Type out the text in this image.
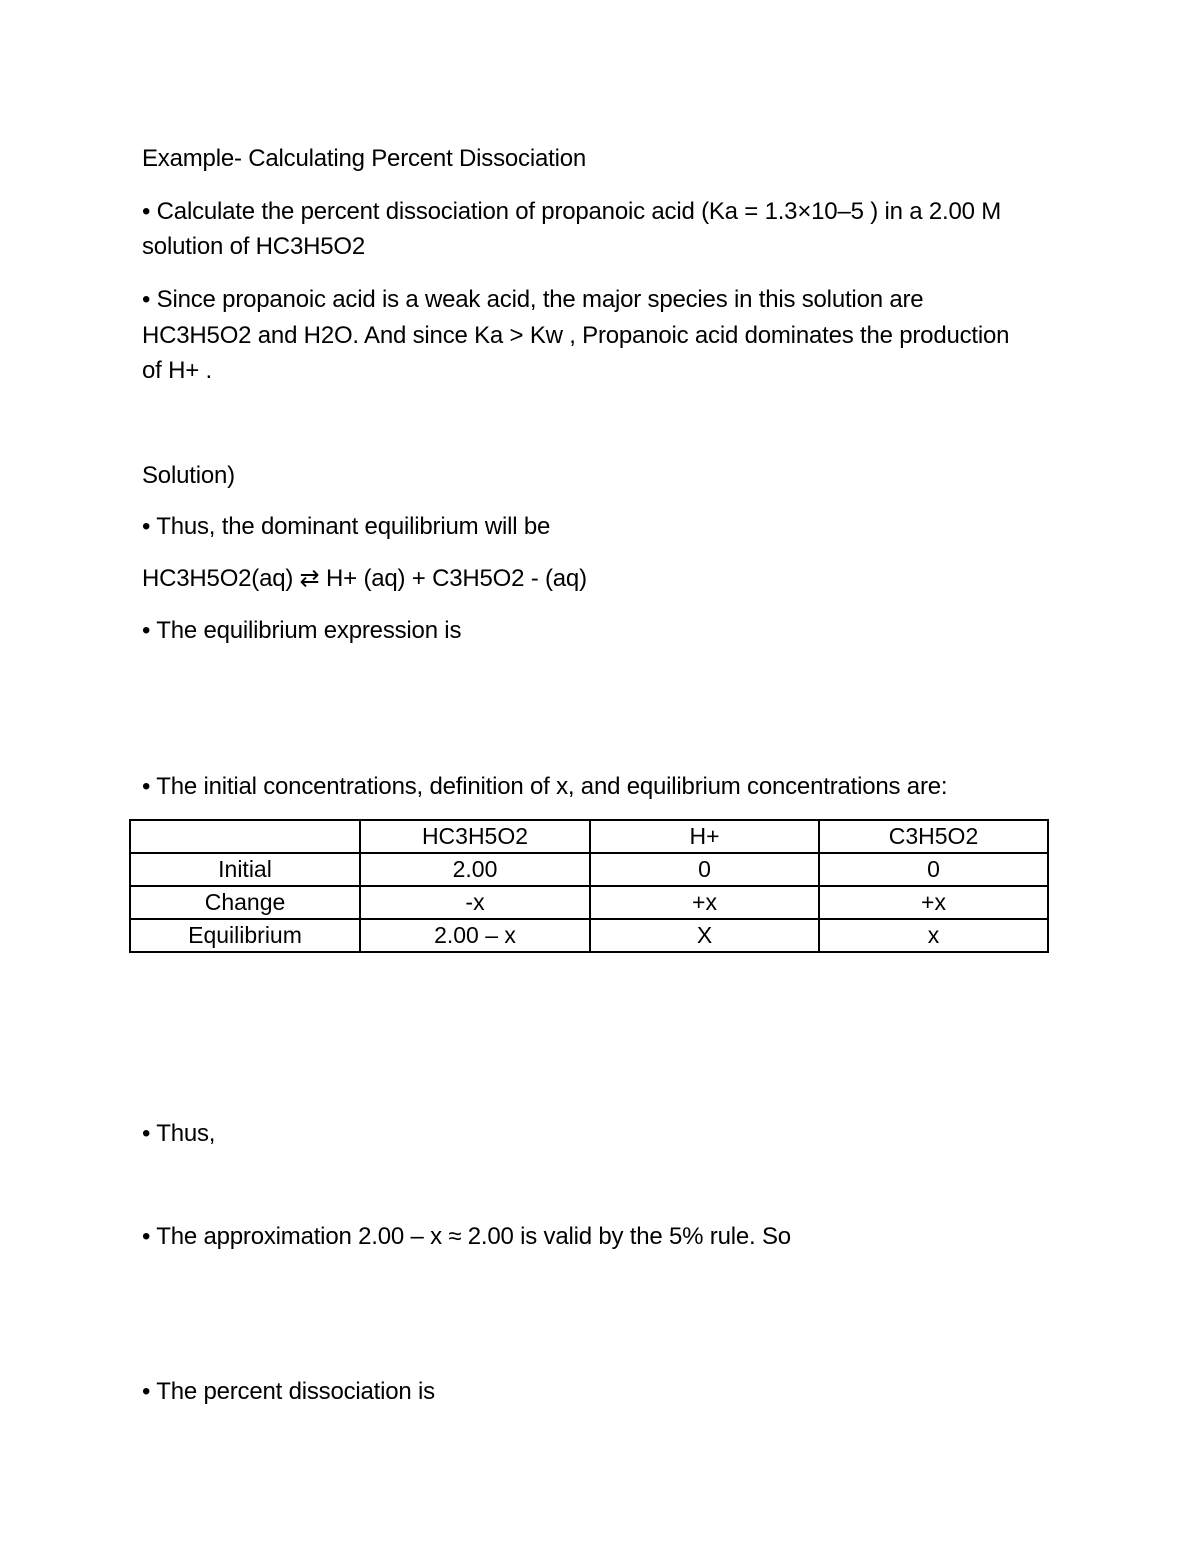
Example- Calculating Percent Dissociation
• Calculate the percent dissociation of propanoic acid (Ka = 1.3×10–5 ) in a 2.00 M
solution of HC3H5O2
• Since propanoic acid is a weak acid, the major species in this solution are
HC3H5O2 and H2O. And since Ka > Kw , Propanoic acid dominates the production
of H+ .
Solution)
• Thus, the dominant equilibrium will be
HC3H5O2(aq) ⇄ H+ (aq) + C3H5O2 - (aq)
• The equilibrium expression is
• The initial concentrations, definition of x, and equilibrium concentrations are:
	HC3H5O2	H+	C3H5O2
Initial	2.00	0	0
Change	-x	+x	+x
Equilibrium	2.00 – x	X	x
• Thus,
• The approximation 2.00 – x ≈ 2.00 is valid by the 5% rule. So
• The percent dissociation is
